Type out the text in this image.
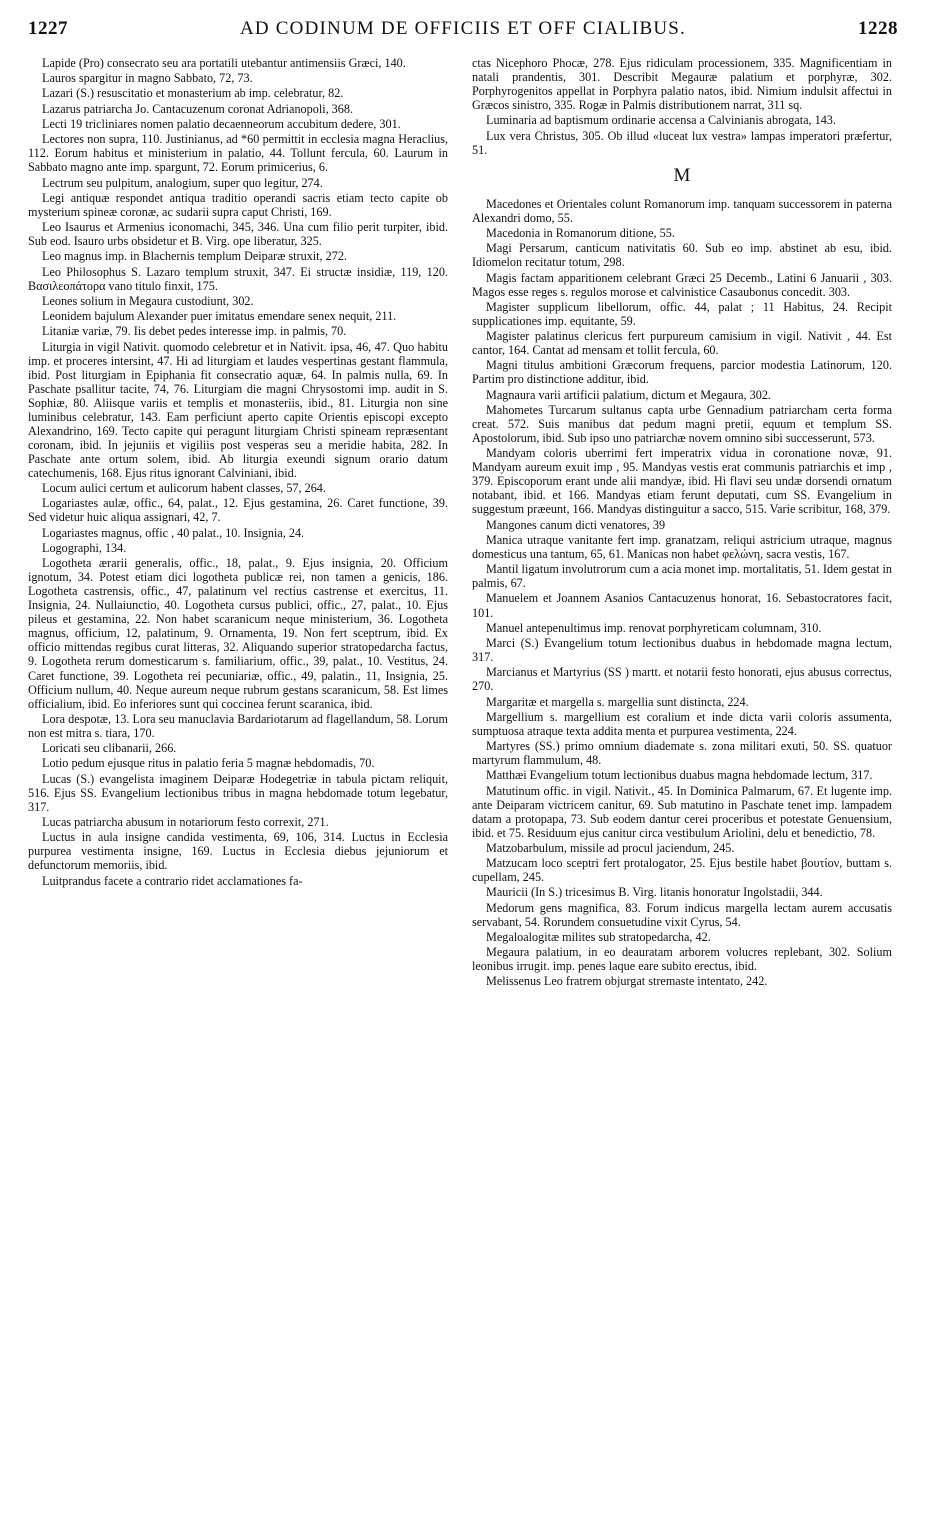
1227	AD CODINUM DE OFFICIIS ET OFF CIALIBUS.	1228

Lapide (Pro) consecrato seu ara portatili utebantur antimensiis Græci, 140.

Lauros spargitur in magno Sabbato, 72, 73.

Lazari (S.) resuscitatio et monasterium ab imp. celebratur, 82.

Lazarus patriarcha Jo. Cantacuzenum coronat Adrianopoli, 368.

Lecti 19 tricliniares nomen palatio decaenneorum accubitum dedere, 301.

Lectores non supra, 110. Justinianus, ad *60 permittit in ecclesia magna Heraclius, 112. Eorum habitus et ministerium in palatio, 44. Tollunt fercula, 60. Laurum in Sabbato magno ante imp. spargunt, 72. Eorum primicerius, 6.

Lectrum seu pulpitum, analogium, super quo legitur, 274.

Legi antiquæ respondet antiqua traditio operandi sacris etiam tecto capite ob mysterium spineæ coronæ, ac sudarii supra caput Christi, 169.

Leo Isaurus et Armenius iconomachi, 345, 346. Una cum filio perit turpiter, ibid. Sub eod. Isauro urbs obsidetur et B. Virg. ope liberatur, 325.

Leo magnus imp. in Blachernis templum Deiparæ struxit, 272.

Leo Philosophus S. Lazaro templum struxit, 347. Ei structæ insidiæ, 119, 120. Βασιλεοπάτορα vano titulo finxit, 175.

Leones solium in Megaura custodiunt, 302.

Leonidem bajulum Alexander puer imitatus emendare senex nequit, 211.

Litaniæ variæ, 79. Iis debet pedes interesse imp. in palmis, 70.

Liturgia in vigil Nativit. quomodo celebretur et in Nativit. ipsa, 46, 47. Quo habitu imp. et proceres intersint, 47. Hi ad liturgiam et laudes vespertinas gestant flammula, ibid. Post liturgiam in Epiphania fit consecratio aquæ, 64. In palmis nulla, 69. In Paschate psallitur tacite, 74, 76. Liturgiam die magni Chrysostomi imp. audit in S. Sophiæ, 80. Aliisque variis et templis et monasteriis, ibid., 81. Liturgia non sine luminibus celebratur, 143. Eam perficiunt aperto capite Orientis episcopi excepto Alexandrino, 169. Tecto capite qui peragunt liturgiam Christi spineam repræsentant coronam, ibid. In jejuniis et vigiliis post vesperas seu a meridie habita, 282. In Paschate ante ortum solem, ibid. Ab liturgia exeundi signum orario datum catechumenis, 168. Ejus ritus ignorant Calviniani, ibid.

Locum aulici certum et aulicorum habent classes, 57, 264.

Logariastes aulæ, offic., 64, palat., 12. Ejus gestamina, 26. Caret functione, 39. Sed videtur huic aliqua assignari, 42, 7.

Logariastes magnus, offic , 40 palat., 10. Insignia, 24.

Logographi, 134.

Logotheta ærarii generalis, offic., 18, palat., 9. Ejus insignia, 20. Officium ignotum, 34. Potest etiam dici logotheta publicæ rei, non tamen a genicis, 186. Logotheta castrensis, offic., 47, palatinum vel rectius castrense et exercitus, 11. Insignia, 24. Nullaiunctio, 40. Logotheta cursus publici, offic., 27, palat., 10. Ejus pileus et gestamina, 22. Non habet scaranicum neque ministerium, 36. Logotheta magnus, officium, 12, palatinum, 9. Ornamenta, 19. Non fert sceptrum, ibid. Ex officio mittendas regibus curat litteras, 32. Aliquando superior stratopedarcha factus, 9. Logotheta rerum domesticarum s. familiarium, offic., 39, palat., 10. Vestitus, 24. Caret functione, 39. Logotheta rei pecuniariæ, offic., 49, palatin., 11, Insignia, 25. Officium nullum, 40. Neque aureum neque rubrum gestans scaranicum, 58. Est limes officialium, ibid. Eo inferiores sunt qui coccinea ferunt scaranica, ibid.

Lora despotæ, 13. Lora seu manuclavia Bardariotarum ad flagellandum, 58. Lorum non est mitra s. tiara, 170.

Loricati seu clibanarii, 266.

Lotio pedum ejusque ritus in palatio feria 5 magnæ hebdomadis, 70.

Lucas (S.) evangelista imaginem Deiparæ Hodegetriæ in tabula pictam reliquit, 516. Ejus SS. Evangelium lectionibus tribus in magna hebdomade totum legebatur, 317.

Lucas patriarcha abusum in notariorum festo correxit, 271.

Luctus in aula insigne candida vestimenta, 69, 106, 314. Luctus in Ecclesia purpurea vestimenta insigne, 169. Luctus in Ecclesia diebus jejuniorum et defunctorum memoriis, ibid.

Luitprandus facete a contrario ridet acclamationes fa-

ctas Nicephoro Phocæ, 278. Ejus ridiculam processionem, 335. Magnificentiam in natali prandentis, 301. Describit Megauræ palatium et porphyræ, 302. Porphyrogenitos appellat in Porphyra palatio natos, ibid. Nimium indulsit affectui in Græcos sinistro, 335. Rogæ in Palmis distributionem narrat, 311 sq.

Luminaria ad baptismum ordinarie accensa a Calvinianis abrogata, 143.

Lux vera Christus, 305. Ob illud «luceat lux vestra» lampas imperatori præfertur, 51.

M

Macedones et Orientales colunt Romanorum imp. tanquam successorem in paterna Alexandri domo, 55.

Macedonia in Romanorum ditione, 55.

Magi Persarum, canticum nativitatis 60. Sub eo imp. abstinet ab esu, ibid. Idiomelon recitatur totum, 298.

Magis factam apparitionem celebrant Græci 25 Decemb., Latini 6 Januarii , 303. Magos esse reges s. regulos morose et calvinistice Casaubonus concedit. 303.

Magister supplicum libellorum, offic. 44, palat ; 11 Habitus, 24. Recipit supplicationes imp. equitante, 59.

Magister palatinus clericus fert purpureum camisium in vigil. Nativit , 44. Est cantor, 164. Cantat ad mensam et tollit fercula, 60.

Magni titulus ambitioni Græcorum frequens, parcior modestia Latinorum, 120. Partim pro distinctione additur, ibid.

Magnaura varii artificii palatium, dictum et Megaura, 302.

Mahometes Turcarum sultanus capta urbe Gennadium patriarcham certa forma creat. 572. Suis manibus dat pedum magni pretii, equum et templum SS. Apostolorum, ibid. Sub ipso uno patriarchæ novem omnino sibi successerunt, 573.

Mandyam coloris uberrimi fert imperatrix vidua in coronatione novæ, 91. Mandyam aureum exuit imp , 95. Mandyas vestis erat communis patriarchis et imp , 379. Episcoporum erant unde alii mandyæ, ibid. Hi flavi seu undæ dorsendi ornatum notabant, ibid. et 166. Mandyas etiam ferunt deputati, cum SS. Evangelium in suggestum præeunt, 166. Mandyas distinguitur a sacco, 515. Varie scribitur, 168, 379.

Mangones canum dicti venatores, 39

Manica utraque vanitante fert imp. granatzam, reliqui astricium utraque, magnus domesticus una tantum, 65, 61. Manicas non habet φελώνη, sacra vestis, 167.

Mantil ligatum involutrorum cum a acia monet imp. mortalitatis, 51. Idem gestat in palmis, 67.

Manuelem et Joannem Asanios Cantacuzenus honorat, 16. Sebastocratores facit, 101.

Manuel antepenultimus imp. renovat porphyreticam columnam, 310.

Marci (S.) Evangelium totum lectionibus duabus in hebdomade magna lectum, 317.

Marcianus et Martyrius (SS ) martt. et notarii festo honorati, ejus abusus correctus, 270.

Margaritæ et margella s. margellia sunt distincta, 224.

Margellium s. margellium est coralium et inde dicta varii coloris assumenta, sumptuosa atraque texta addita menta et purpurea vestimenta, 224.

Martyres (SS.) primo omnium diademate s. zona militari exuti, 50. SS. quatuor martyrum flammulum, 48.

Matthæi Evangelium totum lectionibus duabus magna hebdomade lectum, 317.

Matutinum offic. in vigil. Nativit., 45. In Dominica Palmarum, 67. Et lugente imp. ante Deiparam victricem canitur, 69. Sub matutino in Paschate tenet imp. lampadem datam a protopapa, 73. Sub eodem dantur cerei proceribus et potestate Genuensium, ibid. et 75. Residuum ejus canitur circa vestibulum Ariolini, delu et benedictio, 78.

Matzobarbulum, missile ad procul jaciendum, 245.

Matzucam loco sceptri fert protalogator, 25. Ejus bestile habet βουτίον, buttam s. cupellam, 245.

Mauricii (In S.) tricesimus B. Virg. litanis honoratur Ingolstadii, 344.

Medorum gens magnifica, 83. Forum indicus margella lectam aurem accusatis servabant, 54. Rorundem consuetudine vixit Cyrus, 54.

Megaloalogitæ milites sub stratopedarcha, 42.

Megaura palatium, in eo deauratam arborem volucres replebant, 302. Solium leonibus irrugit. imp. penes laque eare subito erectus, ibid.

Melissenus Leo fratrem objurgat stremaste intentato, 242.
